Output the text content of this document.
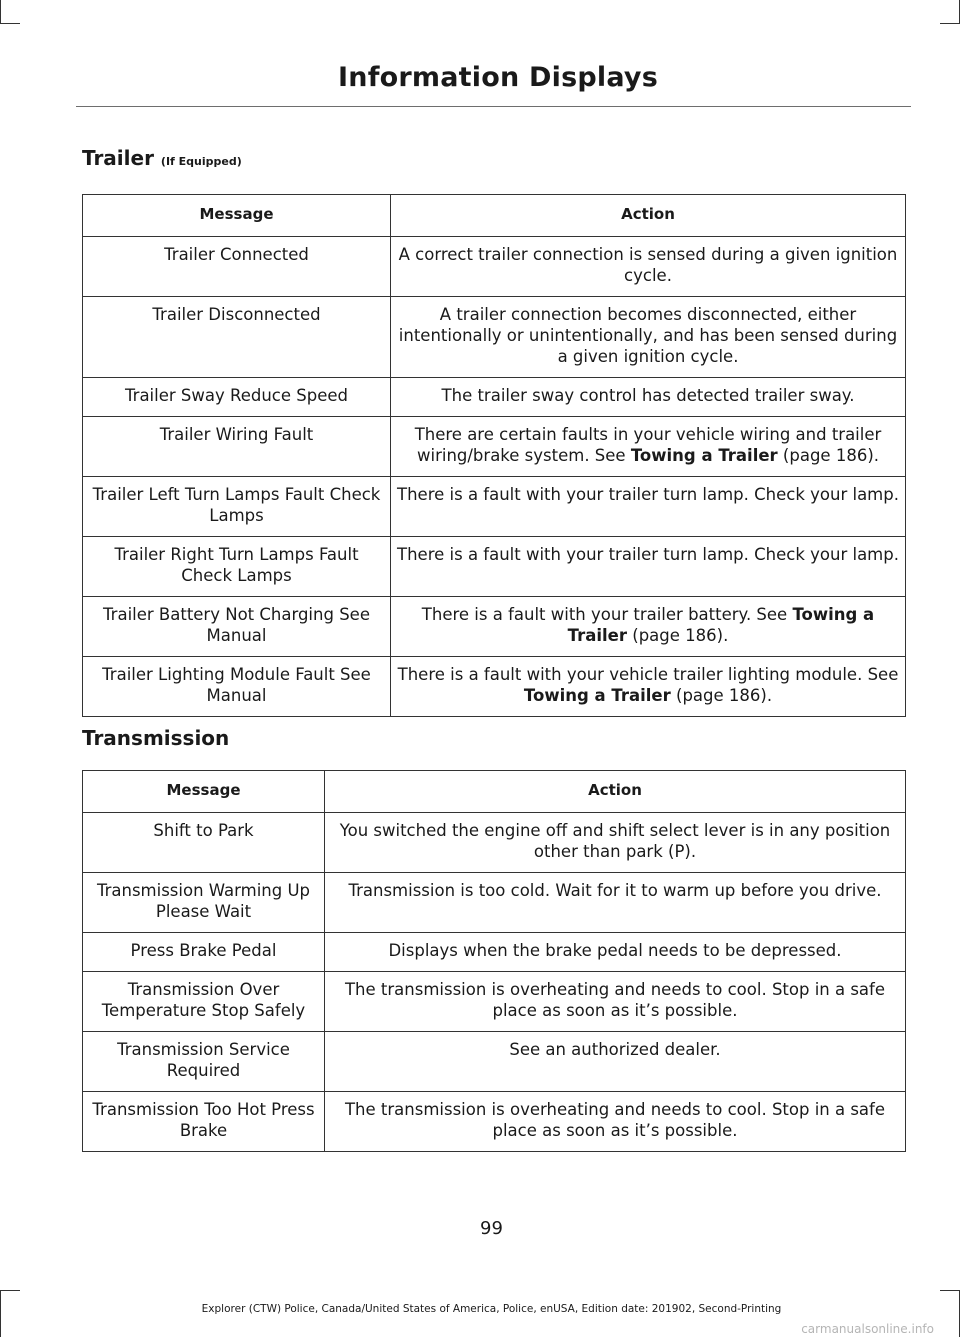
Information Displays
Trailer (If Equipped)
Message	Action
Trailer Connected	A correct trailer connection is sensed during a given ignition cycle.
Trailer Disconnected	A trailer connection becomes disconnected, either intentionally or unintentionally, and has been sensed during a given ignition cycle.
Trailer Sway Reduce Speed	The trailer sway control has detected trailer sway.
Trailer Wiring Fault	There are certain faults in your vehicle wiring and trailer wiring/brake system. See Towing a Trailer (page 186).
Trailer Left Turn Lamps Fault Check Lamps	There is a fault with your trailer turn lamp. Check your lamp.
Trailer Right Turn Lamps Fault Check Lamps	There is a fault with your trailer turn lamp. Check your lamp.
Trailer Battery Not Charging See Manual	There is a fault with your trailer battery. See Towing a Trailer (page 186).
Trailer Lighting Module Fault See Manual	There is a fault with your vehicle trailer lighting module. See Towing a Trailer (page 186).
Transmission
Message	Action
Shift to Park	You switched the engine off and shift select lever is in any position other than park (P).
Transmission Warming Up Please Wait	Transmission is too cold. Wait for it to warm up before you drive.
Press Brake Pedal	Displays when the brake pedal needs to be depressed.
Transmission Over Temperature Stop Safely	The transmission is overheating and needs to cool. Stop in a safe place as soon as it’s possible.
Transmission Service Required	See an authorized dealer.
Transmission Too Hot Press Brake	The transmission is overheating and needs to cool. Stop in a safe place as soon as it’s possible.
99
Explorer (CTW) Police, Canada/United States of America, Police, enUSA, Edition date: 201902, Second-Printing
carmanualsonline.info
